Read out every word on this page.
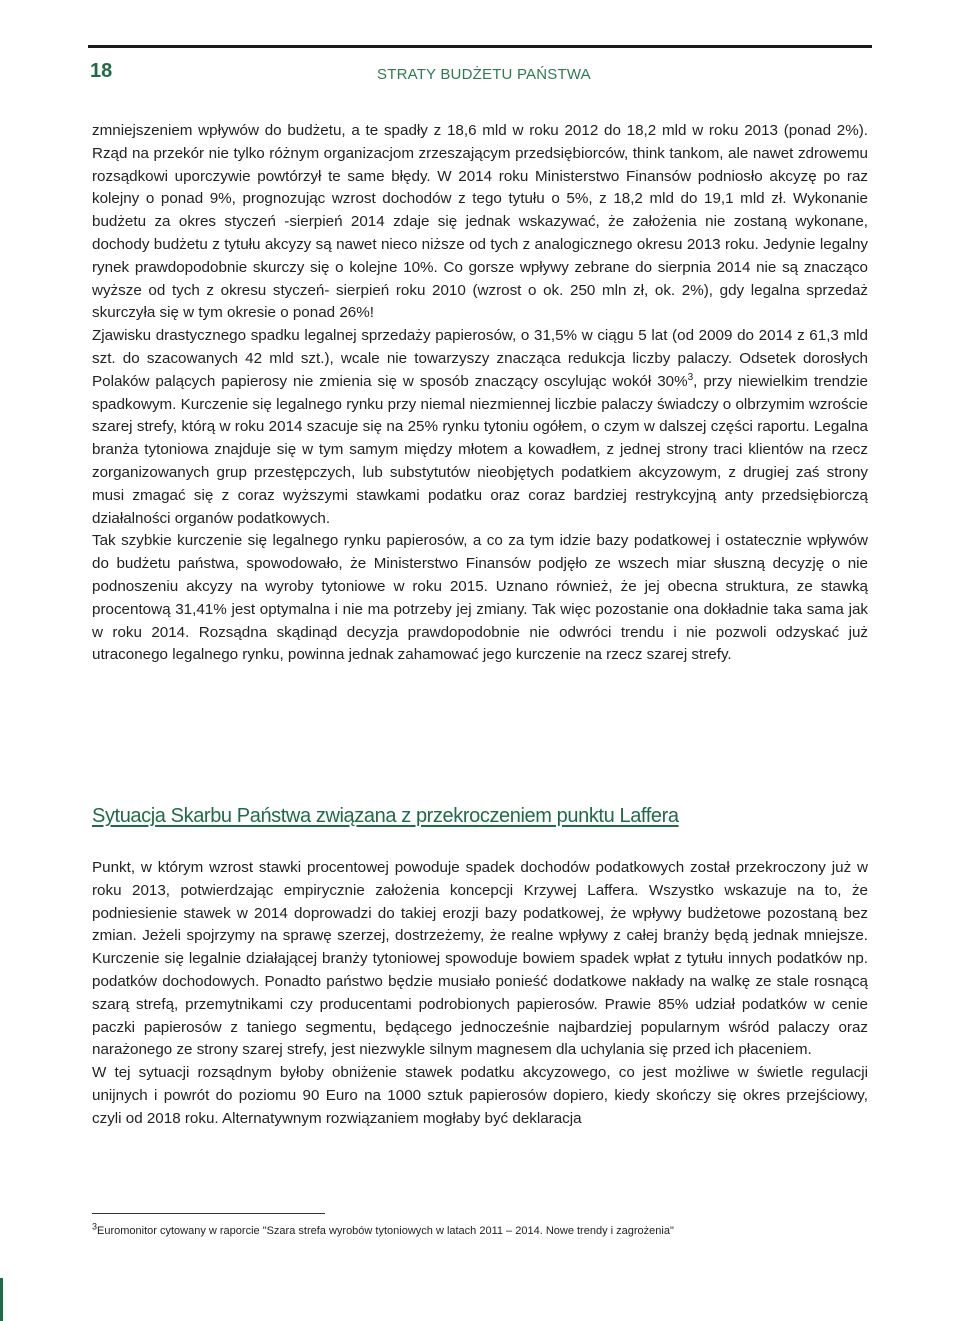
18	STRATY BUDŻETU PAŃSTWA

zmniejszeniem wpływów do budżetu, a te spadły z 18,6 mld w roku 2012 do 18,2 mld w roku 2013 (ponad 2%). Rząd na przekór nie tylko różnym organizacjom zrzeszającym przedsiębiorców, think tankom, ale nawet zdrowemu rozsądkowi uporczywie powtórzył te same błędy. W 2014 roku Ministerstwo Finansów podniosło akcyzę po raz kolejny o ponad 9%, prognozując wzrost dochodów z tego tytułu o 5%, z 18,2 mld do 19,1 mld zł. Wykonanie budżetu za okres styczeń -sierpień 2014 zdaje się jednak wskazywać, że założenia nie zostaną wykonane, dochody budżetu z tytułu akcyzy są nawet nieco niższe od tych z analogicznego okresu 2013 roku. Jedynie legalny rynek prawdopodobnie skurczy się o kolejne 10%. Co gorsze wpływy zebrane do sierpnia 2014 nie są znacząco wyższe od tych z okresu styczeń- sierpień roku 2010 (wzrost o ok. 250 mln zł, ok. 2%), gdy legalna sprzedaż skurczyła się w tym okresie o ponad 26%!

Zjawisku drastycznego spadku legalnej sprzedaży papierosów, o 31,5% w ciągu 5 lat (od 2009 do 2014 z 61,3 mld szt. do szacowanych 42 mld szt.), wcale nie towarzyszy znacząca redukcja liczby palaczy. Odsetek dorosłych Polaków palących papierosy nie zmienia się w sposób znaczący oscylując wokół 30%$^3$, przy niewielkim trendzie spadkowym. Kurczenie się legalnego rynku przy niemal niezmiennej liczbie palaczy świadczy o olbrzymim wzroście szarej strefy, którą w roku 2014 szacuje się na 25% rynku tytoniu ogółem, o czym w dalszej części raportu. Legalna branża tytoniowa znajduje się w tym samym między młotem a kowadłem, z jednej strony traci klientów na rzecz zorganizowanych grup przestępczych, lub substytutów nieobjętych podatkiem akcyzowym, z drugiej zaś strony musi zmagać się z coraz wyższymi stawkami podatku oraz coraz bardziej restrykcyjną anty przedsiębiorczą działalności organów podatkowych.

Tak szybkie kurczenie się legalnego rynku papierosów, a co za tym idzie bazy podatkowej i ostatecznie wpływów do budżetu państwa, spowodowało, że Ministerstwo Finansów podjęło ze wszech miar słuszną decyzję o nie podnoszeniu akcyzy na wyroby tytoniowe w roku 2015. Uznano również, że jej obecna struktura, ze stawką procentową 31,41% jest optymalna i nie ma potrzeby jej zmiany. Tak więc pozostanie ona dokładnie taka sama jak w roku 2014. Rozsądna skądinąd decyzja prawdopodobnie nie odwróci trendu i nie pozwoli odzyskać już utraconego legalnego rynku, powinna jednak zahamować jego kurczenie na rzecz szarej strefy.

Sytuacja Skarbu Państwa związana z przekroczeniem punktu Laffera

Punkt, w którym wzrost stawki procentowej powoduje spadek dochodów podatkowych został przekroczony już w roku 2013, potwierdzając empirycznie założenia koncepcji Krzywej Laffera. Wszystko wskazuje na to, że podniesienie stawek w 2014 doprowadzi do takiej erozji bazy podatkowej, że wpływy budżetowe pozostaną bez zmian. Jeżeli spojrzymy na sprawę szerzej, dostrzeżemy, że realne wpływy z całej branży będą jednak mniejsze. Kurczenie się legalnie działającej branży tytoniowej spowoduje bowiem spadek wpłat z tytułu innych podatków np. podatków dochodowych. Ponadto państwo będzie musiało ponieść dodatkowe nakłady na walkę ze stale rosnącą szarą strefą, przemytnikami czy producentami podrobionych papierosów. Prawie 85% udział podatków w cenie paczki papierosów z taniego segmentu, będącego jednocześnie najbardziej popularnym wśród palaczy oraz narażonego ze strony szarej strefy, jest niezwykle silnym magnesem dla uchylania się przed ich płaceniem.

W tej sytuacji rozsądnym byłoby obniżenie stawek podatku akcyzowego, co jest możliwe w świetle regulacji unijnych i powrót do poziomu 90 Euro na 1000 sztuk papierosów dopiero, kiedy skończy się okres przejściowy, czyli od 2018 roku. Alternatywnym rozwiązaniem mogłaby być deklaracja

$^3$Euromonitor cytowany w raporcie "Szara strefa wyrobów tytoniowych w latach 2011 – 2014. Nowe trendy i zagrożenia"
